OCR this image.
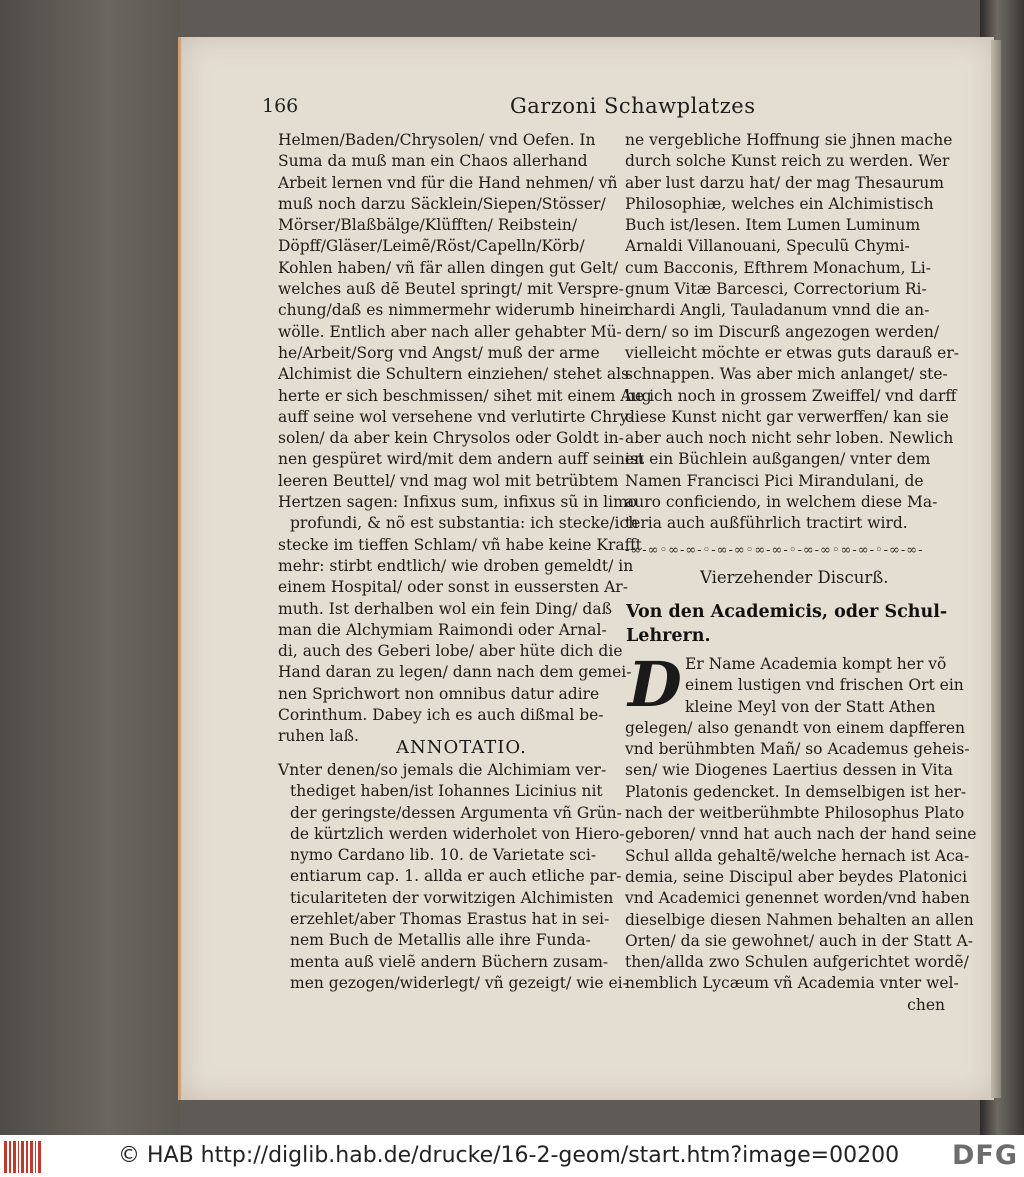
166	Garzoni Schawplatzes
Helmen/Baden/Chrysolen/ vnd Oefen. In
Suma da muß man ein Chaos allerhand
Arbeit lernen vnd für die Hand nehmen/ vñ
muß noch darzu Säcklein/Siepen/Stösser/
Mörser/Blaßbälge/Klüfften/ Reibstein/
Döpff/Gläser/Leimẽ/Röst/Capelln/Körb/
Kohlen haben/ vñ fär allen dingen gut Gelt/
welches auß dẽ Beutel springt/ mit Verspre-
chung/daß es nimmermehr widerumb hinein
wölle. Entlich aber nach aller gehabter Mü-
he/Arbeit/Sorg vnd Angst/ muß der arme
Alchimist die Schultern einziehen/ stehet als
herte er sich beschmissen/ sihet mit einem Aug
auff seine wol versehene vnd verlutirte Chry-
solen/ da aber kein Chrysolos oder Goldt in-
nen gespüret wird/mit dem andern auff seinen
leeren Beuttel/ vnd mag wol mit betrübtem
Hertzen sagen: Infixus sum, infixus sũ in limo
profundi, & nõ est substantia: ich stecke/ich
stecke im tieffen Schlam/ vñ habe keine Krafft
mehr: stirbt endtlich/ wie droben gemeldt/ in
einem Hospital/ oder sonst in eussersten Ar-
muth. Ist derhalben wol ein fein Ding/ daß
man die Alchymiam Raimondi oder Arnal-
di, auch des Geberi lobe/ aber hüte dich die
Hand daran zu legen/ dann nach dem gemei-
nen Sprichwort non omnibus datur adire
Corinthum. Dabey ich es auch dißmal be-
ruhen laß.
ANNOTATIO.
Vnter denen/so jemals die Alchimiam ver-
thediget haben/ist Iohannes Licinius nit
der geringste/dessen Argumenta vñ Grün-
de kürtzlich werden widerholet von Hiero-
nymo Cardano lib. 10. de Varietate sci-
entiarum cap. 1. allda er auch etliche par-
ticulariteten der vorwitzigen Alchimisten
erzehlet/aber Thomas Erastus hat in sei-
nem Buch de Metallis alle ihre Funda-
menta auß vielẽ andern Büchern zusam-
men gezogen/widerlegt/ vñ gezeigt/ wie ei-
ne vergebliche Hoffnung sie jhnen mache
durch solche Kunst reich zu werden. Wer
aber lust darzu hat/ der mag Thesaurum
Philosophiæ, welches ein Alchimistisch
Buch ist/lesen. Item Lumen Luminum
Arnaldi Villanouani, Speculũ Chymi-
cum Bacconis, Efthrem Monachum, Li-
gnum Vitæ Barcesci, Correctorium Ri-
chardi Angli, Tauladanum vnnd die an-
dern/ so im Discurß angezogen werden/
vielleicht möchte er etwas guts darauß er-
schnappen. Was aber mich anlanget/ ste-
he ich noch in grossem Zweiffel/ vnd darff
diese Kunst nicht gar verwerffen/ kan sie
aber auch noch nicht sehr loben. Newlich
ist ein Büchlein außgangen/ vnter dem
Namen Francisci Pici Mirandulani, de
auro conficiendo, in welchem diese Ma-
teria auch außführlich tractirt wird.
-∞-∞◦∞-∞-◦-∞-∞◦∞-∞-◦-∞-∞◦∞-∞-◦-∞-∞-
Vierzehender Discurß.
Von den Academicis, oder Schul-Lehrern.
D Er Name Academia kompt her võ
einem lustigen vnd frischen Ort ein
kleine Meyl von der Statt Athen
gelegen/ also genandt von einem dapfferen
vnd berühmbten Mañ/ so Academus geheis-
sen/ wie Diogenes Laertius dessen in Vita
Platonis gedencket. In demselbigen ist her-
nach der weitberühmbte Philosophus Plato
geboren/ vnnd hat auch nach der hand seine
Schul allda gehaltẽ/welche hernach ist Aca-
demia, seine Discipul aber beydes Platonici
vnd Academici genennet worden/vnd haben
dieselbige diesen Nahmen behalten an allen
Orten/ da sie gewohnet/ auch in der Statt A-
then/allda zwo Schulen aufgerichtet wordẽ/
nemblich Lycæum vñ Academia vnter wel-
chen
© HAB http://diglib.hab.de/drucke/16-2-geom/start.htm?image=00200 DFG
